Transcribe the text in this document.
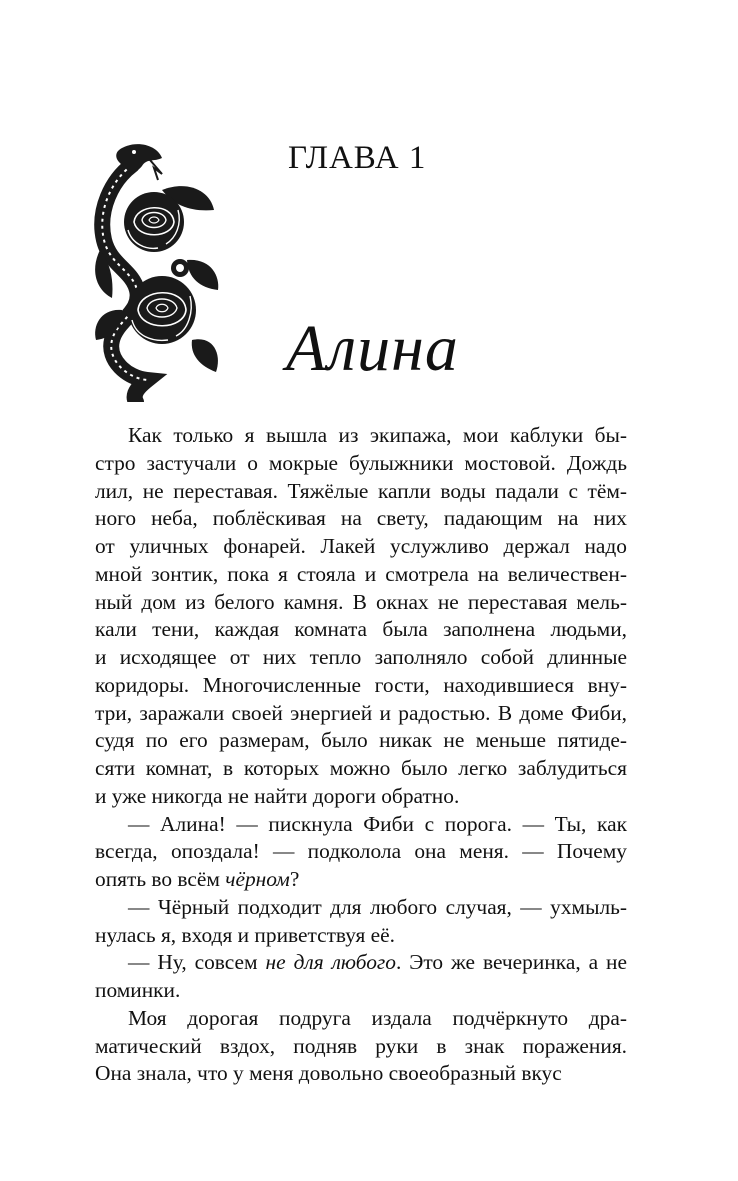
ГЛАВА 1
Алина

Как только я вышла из экипажа, мои каблуки бы-
стро застучали о мокрые булыжники мостовой. Дождь
лил, не переставая. Тяжёлые капли воды падали с тём-
ного неба, поблёскивая на свету, падающим на них
от уличных фонарей. Лакей услужливо держал надо
мной зонтик, пока я стояла и смотрела на величествен-
ный дом из белого камня. В окнах не переставая мель-
кали тени, каждая комната была заполнена людьми,
и исходящее от них тепло заполняло собой длинные
коридоры. Многочисленные гости, находившиеся вну-
три, заражали своей энергией и радостью. В доме Фиби,
судя по его размерам, было никак не меньше пятиде-
сяти комнат, в которых можно было легко заблудиться
и уже никогда не найти дороги обратно.

— Алина! — пискнула Фиби с порога. — Ты, как
всегда, опоздала! — подколола она меня. — Почему
опять во всём чёрном?

— Чёрный подходит для любого случая, — ухмыль-
нулась я, входя и приветствуя её.

— Ну, совсем не для любого. Это же вечеринка, а не
поминки.

Моя дорогая подруга издала подчёркнуто дра-
матический вздох, подняв руки в знак поражения.
Она знала, что у меня довольно своеобразный вкус
